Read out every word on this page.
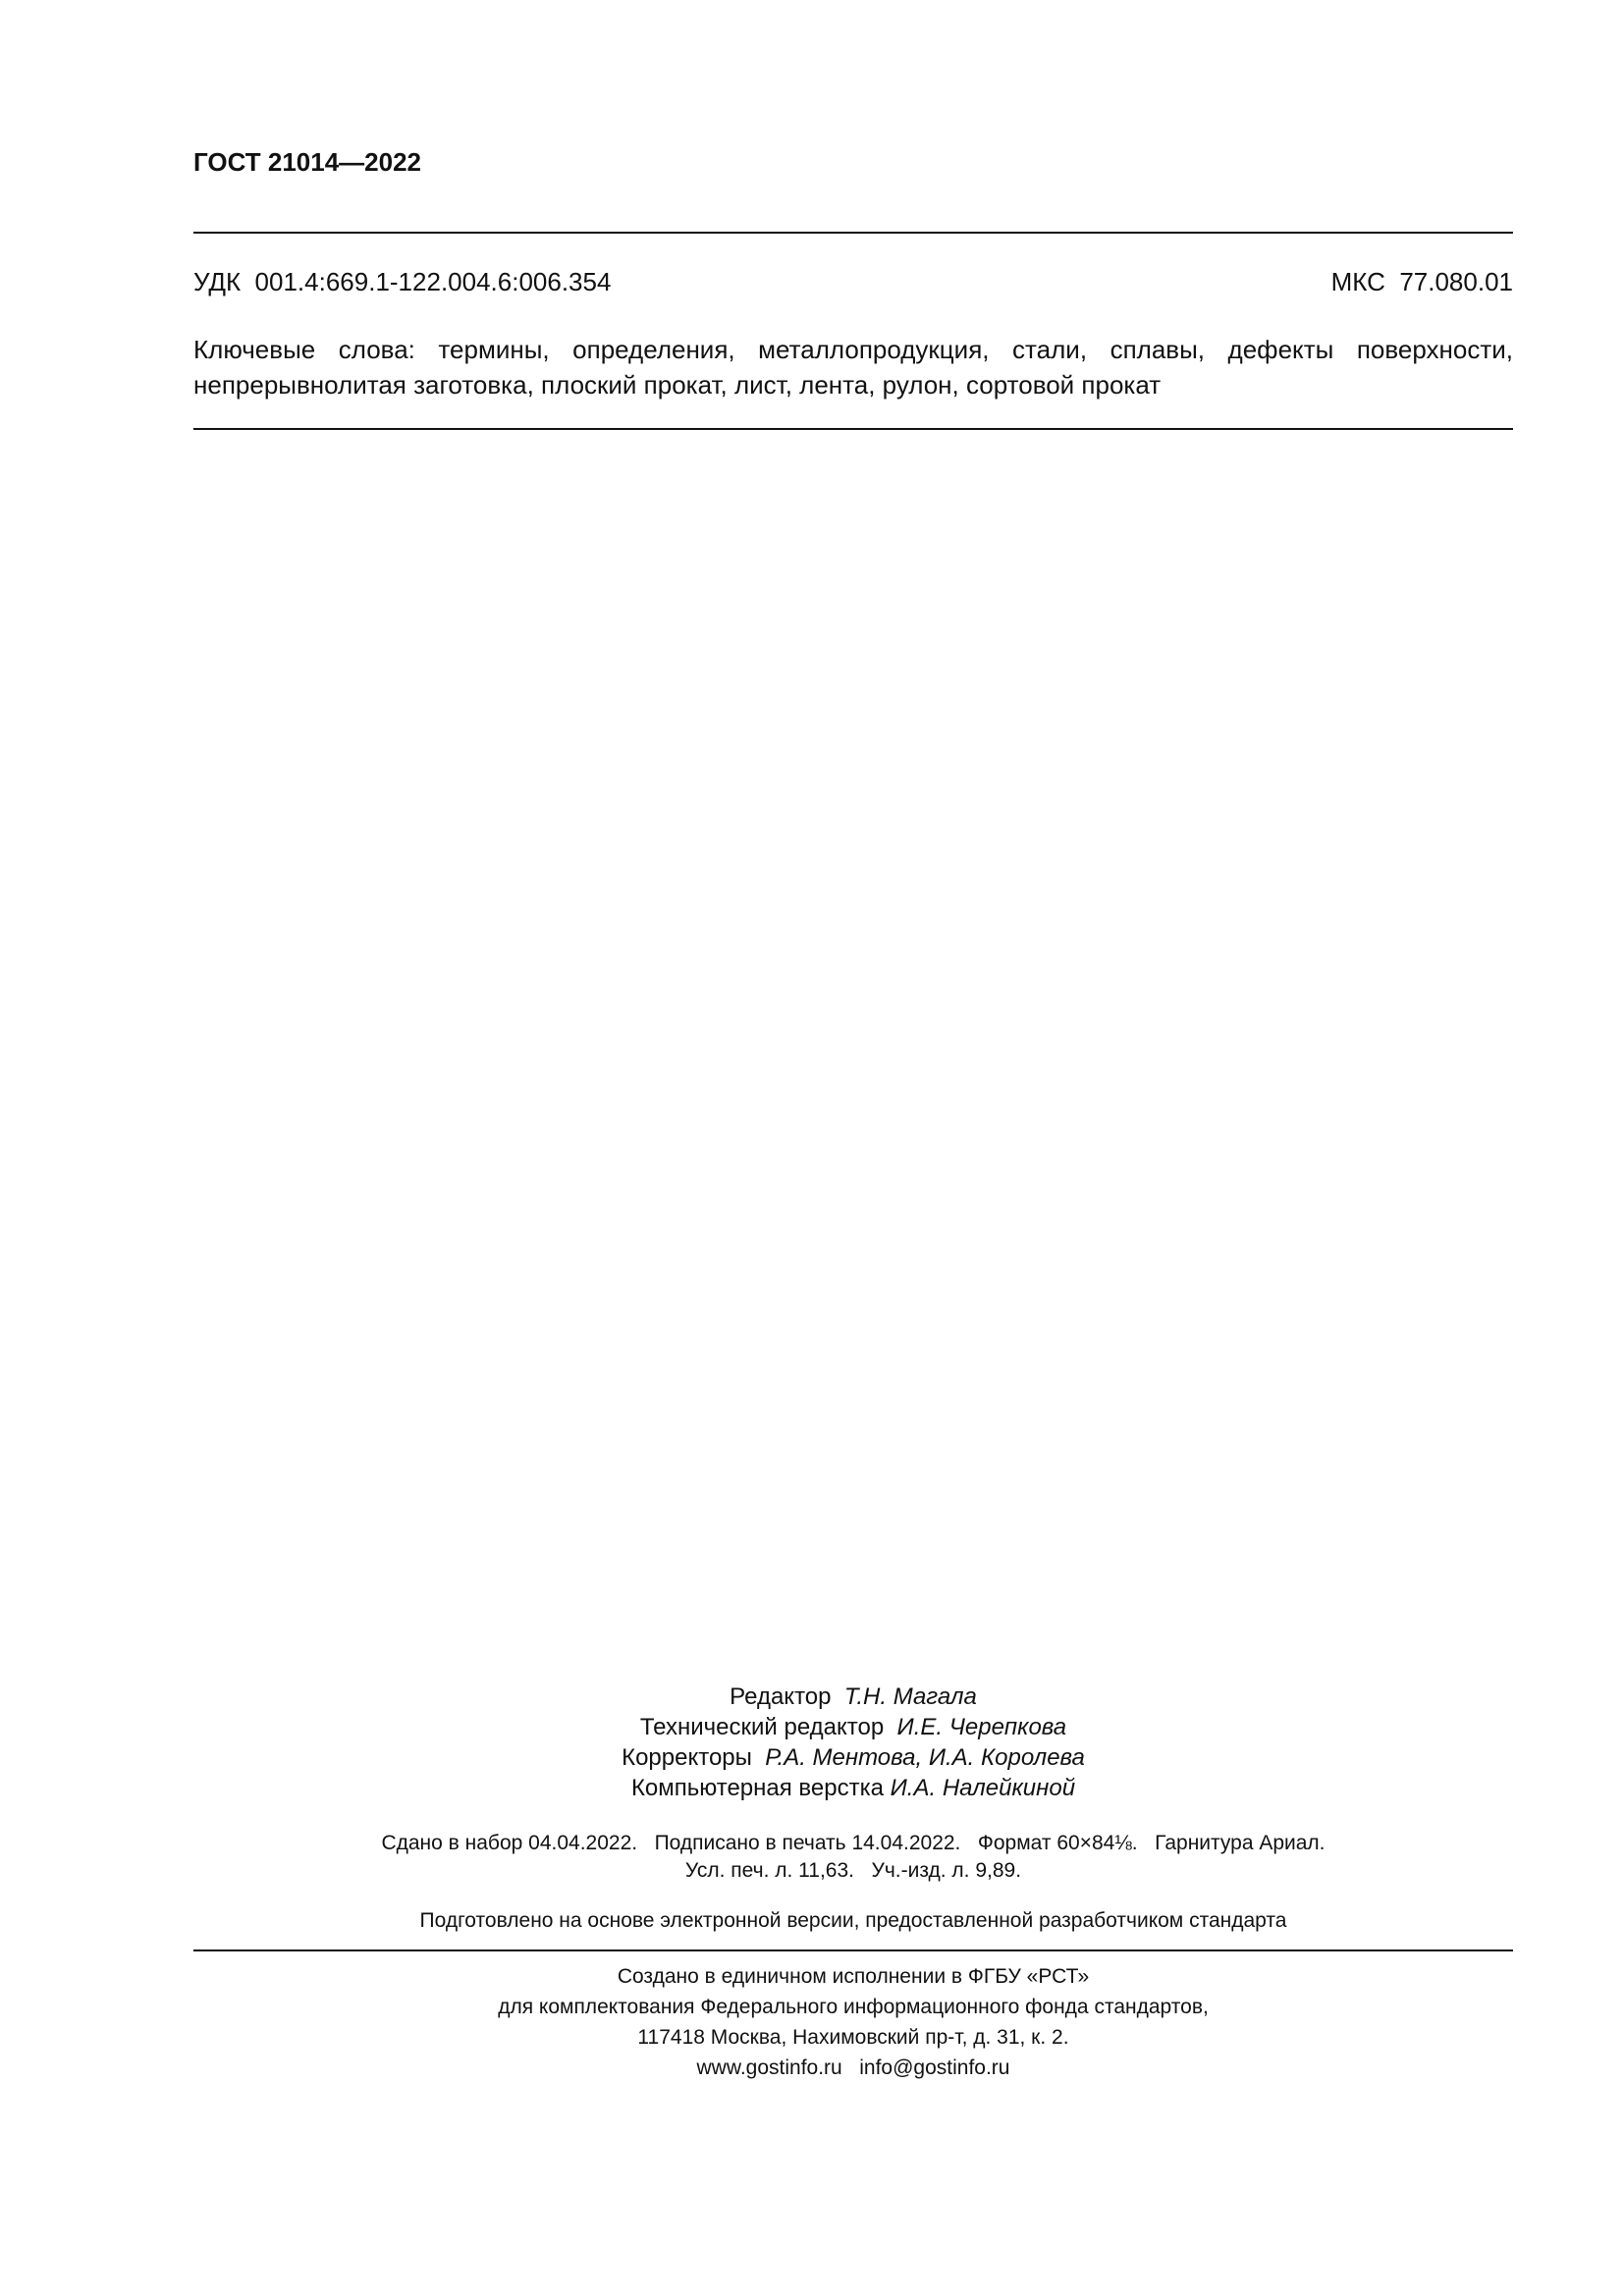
ГОСТ 21014—2022
УДК  001.4:669.1-122.004.6:006.354	МКС  77.080.01

Ключевые слова: термины, определения, металлопродукция, стали, сплавы, дефекты поверхности, непрерывнолитая заготовка, плоский прокат, лист, лента, рулон, сортовой прокат

Редактор Т.Н. Магала
Технический редактор И.Е. Черепкова
Корректоры Р.А. Ментова, И.А. Королева
Компьютерная верстка И.А. Налейкиной
Сдано в набор 04.04.2022.   Подписано в печать 14.04.2022.   Формат 60×84⅛.   Гарнитура Ариал.
Усл. печ. л. 11,63.   Уч.-изд. л. 9,89.
Подготовлено на основе электронной версии, предоставленной разработчиком стандарта
Создано в единичном исполнении в ФГБУ «РСТ»
для комплектования Федерального информационного фонда стандартов,
117418 Москва, Нахимовский пр-т, д. 31, к. 2.
www.gostinfo.ru info@gostinfo.ru
